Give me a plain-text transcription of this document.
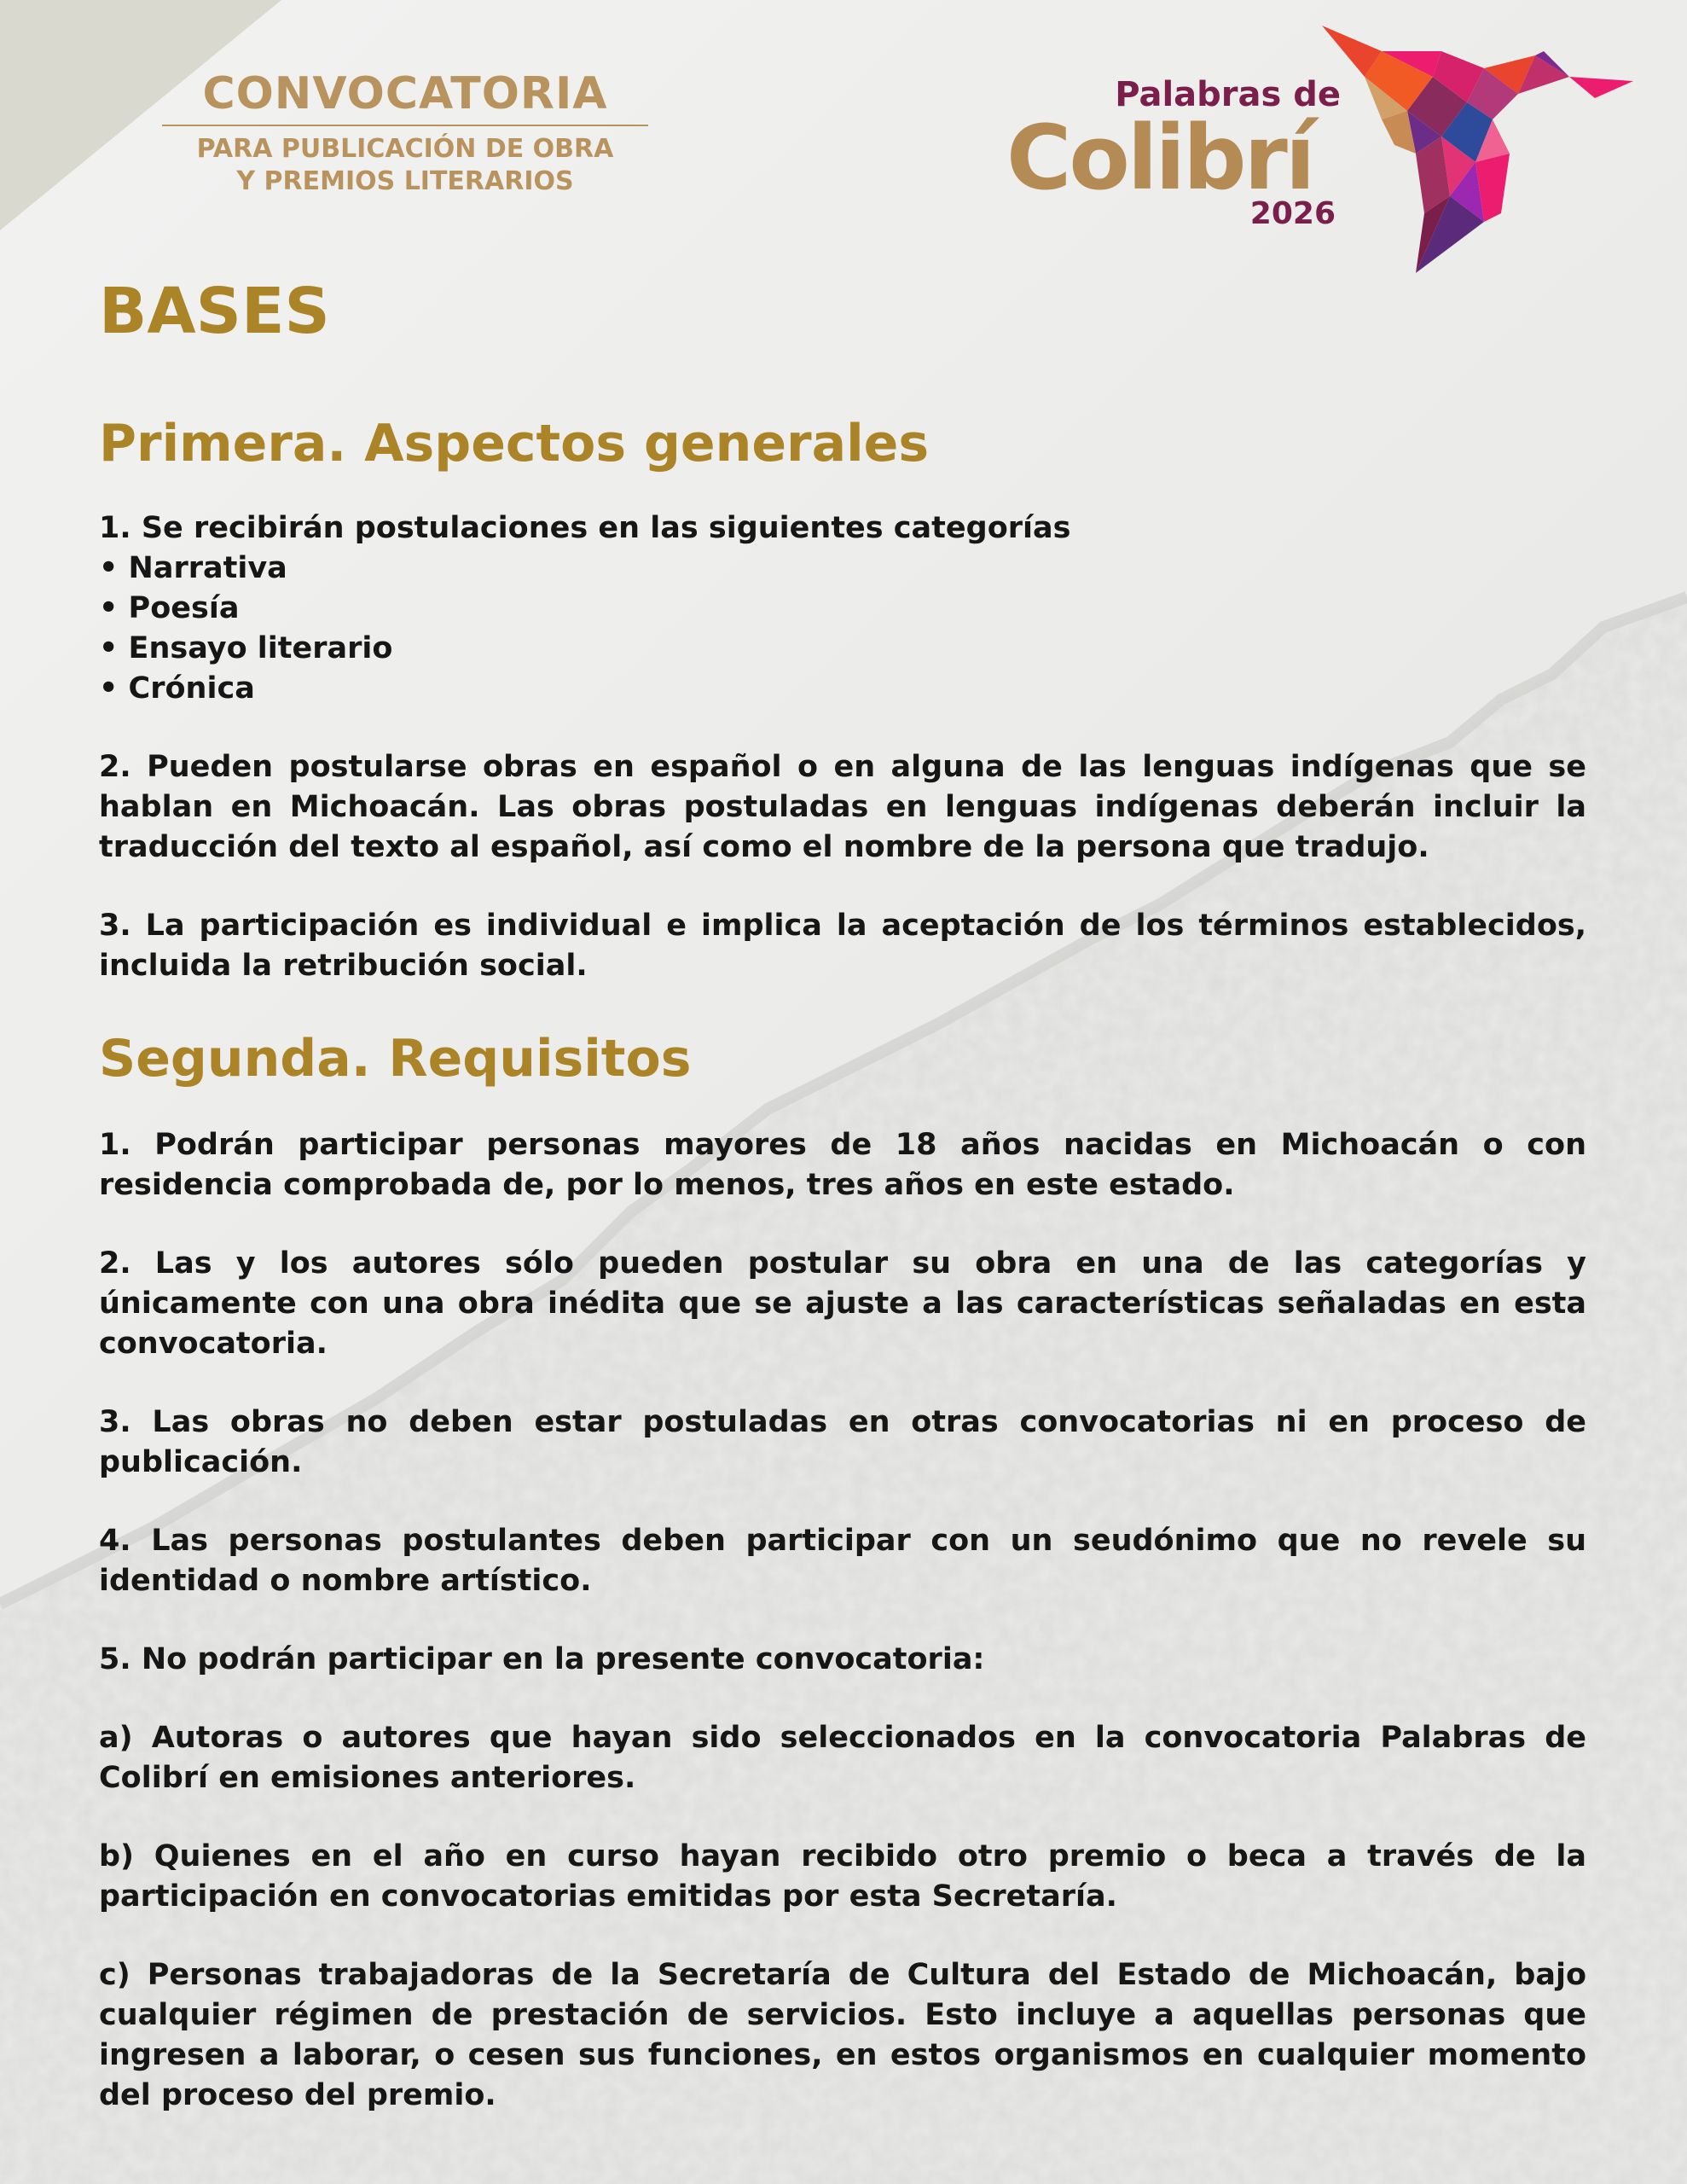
CONVOCATORIA
PARA PUBLICACIÓN DE OBRA
Y PREMIOS LITERARIOS
Palabras de
Colibrí
2026
BASES
Primera. Aspectos generales
1. Se recibirán postulaciones en las siguientes categorías
• Narrativa
• Poesía
• Ensayo literario
• Crónica

2. Pueden postularse obras en español o en alguna de las lenguas indígenas que se hablan en Michoacán. Las obras postuladas en lenguas indígenas deberán incluir la traducción del texto al español, así como el nombre de la persona que tradujo.

3. La participación es individual e implica la aceptación de los términos establecidos, incluida la retribución social.

Segunda. Requisitos

1. Podrán participar personas mayores de 18 años nacidas en Michoacán o con residencia comprobada de, por lo menos, tres años en este estado.

2. Las y los autores sólo pueden postular su obra en una de las categorías y únicamente con una obra inédita que se ajuste a las características señaladas en esta convocatoria.

3. Las obras no deben estar postuladas en otras convocatorias ni en proceso de publicación.

4. Las personas postulantes deben participar con un seudónimo que no revele su identidad o nombre artístico.

5. No podrán participar en la presente convocatoria:

a) Autoras o autores que hayan sido seleccionados en la convocatoria Palabras de Colibrí en emisiones anteriores.

b) Quienes en el año en curso hayan recibido otro premio o beca a través de la participación en convocatorias emitidas por esta Secretaría.

c) Personas trabajadoras de la Secretaría de Cultura del Estado de Michoacán, bajo cualquier régimen de prestación de servicios. Esto incluye a aquellas personas que ingresen a laborar, o cesen sus funciones, en estos organismos en cualquier momento del proceso del premio.
